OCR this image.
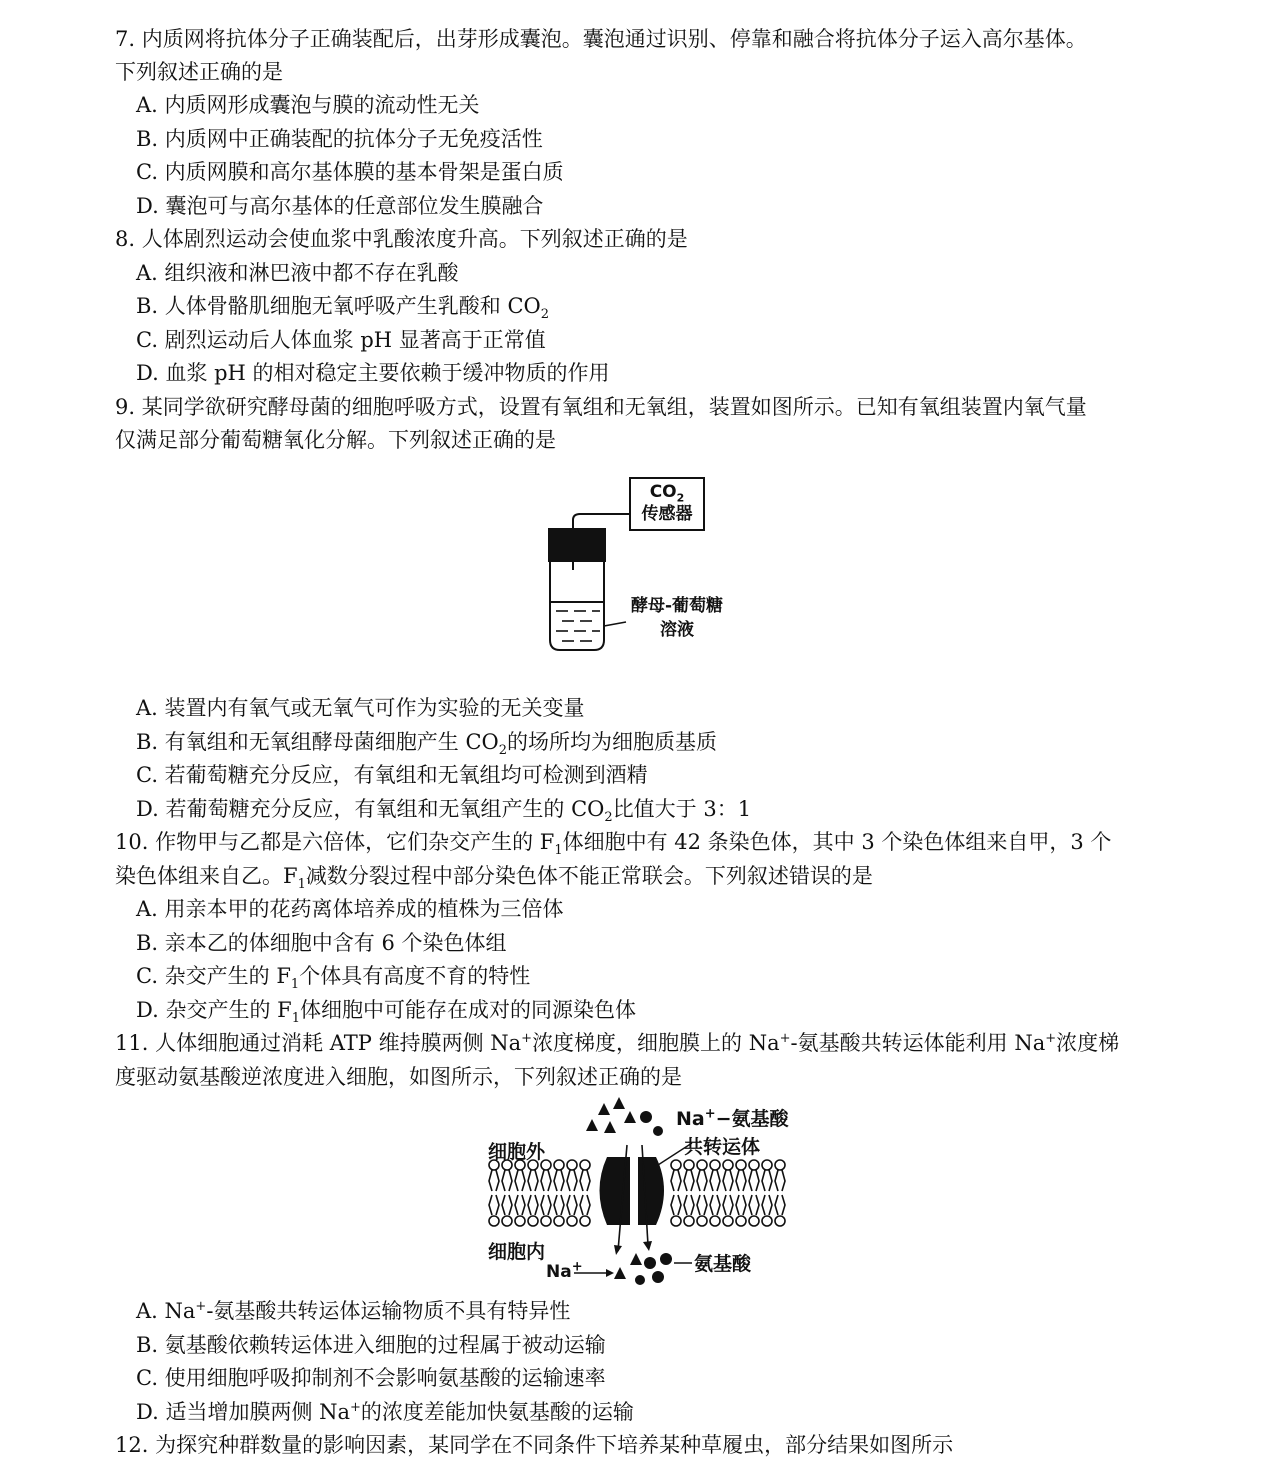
7. 内质网将抗体分子正确装配后，出芽形成囊泡。囊泡通过识别、停靠和融合将抗体分子运入高尔基体。
下列叙述正确的是
A. 内质网形成囊泡与膜的流动性无关
B. 内质网中正确装配的抗体分子无免疫活性
C. 内质网膜和高尔基体膜的基本骨架是蛋白质
D. 囊泡可与高尔基体的任意部位发生膜融合
8. 人体剧烈运动会使血浆中乳酸浓度升高。下列叙述正确的是
A. 组织液和淋巴液中都不存在乳酸
B. 人体骨骼肌细胞无氧呼吸产生乳酸和 $CO_2$
C. 剧烈运动后人体血浆 pH 显著高于正常值
D. 血浆 pH 的相对稳定主要依赖于缓冲物质的作用
9. 某同学欲研究酵母菌的细胞呼吸方式，设置有氧组和无氧组，装置如图所示。已知有氧组装置内氧气量
仅满足部分葡萄糖氧化分解。下列叙述正确的是
$CO_2$
传感器
酵母-葡萄糖
溶液
A. 装置内有氧气或无氧气可作为实验的无关变量
B. 有氧组和无氧组酵母菌细胞产生 $CO_2$的场所均为细胞质基质
C. 若葡萄糖充分反应，有氧组和无氧组均可检测到酒精
D. 若葡萄糖充分反应，有氧组和无氧组产生的 $CO_2$比值大于 3：1
10. 作物甲与乙都是六倍体，它们杂交产生的 $F_1$体细胞中有 42 条染色体，其中 3 个染色体组来自甲，3 个
染色体组来自乙。$F_1$减数分裂过程中部分染色体不能正常联会。下列叙述错误的是
A. 用亲本甲的花药离体培养成的植株为三倍体
B. 亲本乙的体细胞中含有 6 个染色体组
C. 杂交产生的 $F_1$个体具有高度不育的特性
D. 杂交产生的 $F_1$体细胞中可能存在成对的同源染色体
11. 人体细胞通过消耗 ATP 维持膜两侧 Na+浓度梯度，细胞膜上的 Na+-氨基酸共转运体能利用 Na+浓度梯
度驱动氨基酸逆浓度进入细胞，如图所示，下列叙述正确的是
细胞外
细胞内
Na+−氨基酸
共转运体
Na+	氨基酸
A. Na+-氨基酸共转运体运输物质不具有特异性
B. 氨基酸依赖转运体进入细胞的过程属于被动运输
C. 使用细胞呼吸抑制剂不会影响氨基酸的运输速率
D. 适当增加膜两侧 Na+的浓度差能加快氨基酸的运输
12. 为探究种群数量的影响因素，某同学在不同条件下培养某种草履虫，部分结果如图所示
